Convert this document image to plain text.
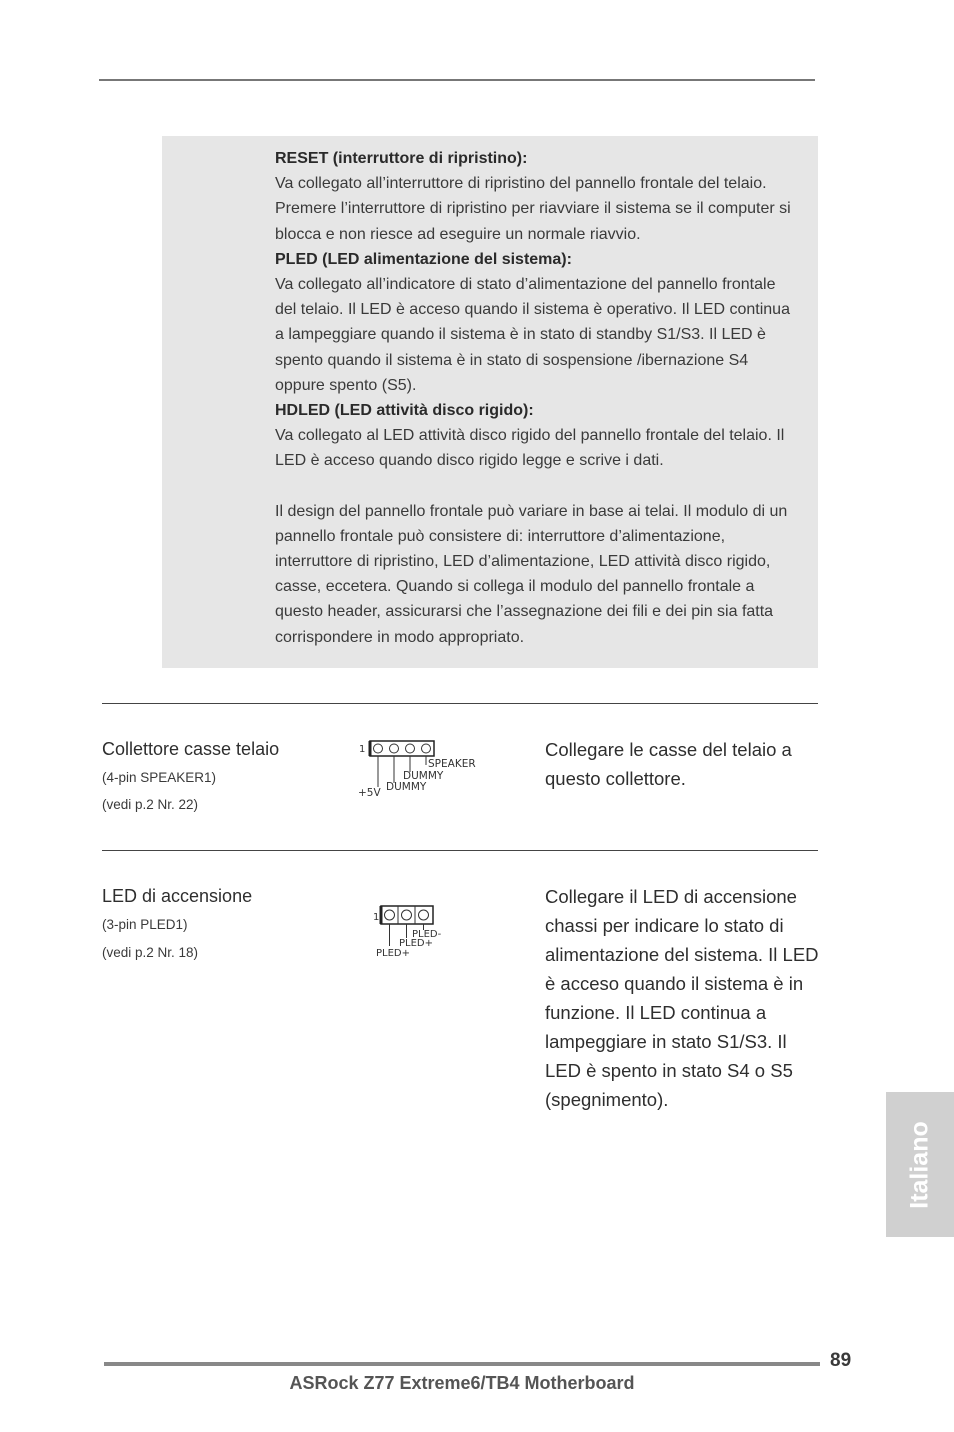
RESET (interruttore di ripristino):

Va collegato all’interruttore di ripristino del pannello frontale del telaio.

Premere l’interruttore di ripristino per riavviare il sistema se il computer si

blocca e non riesce ad eseguire un normale riavvio.

PLED (LED alimentazione del sistema):

Va collegato all’indicatore di stato d’alimentazione del pannello frontale

del telaio. Il LED è acceso quando il sistema è operativo. Il LED continua

a lampeggiare quando il sistema è in stato di standby S1/S3. Il LED è

spento quando il sistema è in stato di sospensione /ibernazione S4

oppure spento (S5).

HDLED (LED attività disco rigido):

Va collegato al LED attività disco rigido del pannello frontale del telaio. Il

LED è acceso quando disco rigido legge e scrive i dati.

Il design del pannello frontale può variare in base ai telai. Il modulo di un

pannello frontale può consistere di: interruttore d’alimentazione,

interruttore di ripristino, LED d’alimentazione, LED attività disco rigido,

casse, eccetera. Quando si collega il modulo del pannello frontale a

questo header, assicurarsi che l’assegnazione dei fili e dei pin sia fatta

corrispondere in modo appropriato.

Collettore casse telaio
(4-pin SPEAKER1)
(vedi p.2 Nr. 22)
1
SPEAKER
DUMMY
DUMMY
+5V
Collegare le casse del telaio a questo collettore.
LED di accensione
(3-pin PLED1)
(vedi p.2 Nr. 18)
1
PLED-
PLED+
PLED+
Collegare il LED di accensione chassi per indicare lo stato di alimentazione del sistema. Il LED è acceso quando il sistema è in funzione. Il LED continua a lampeggiare in stato S1/S3. Il LED è spento in stato S4 o S5 (spegnimento).
Italiano
89
ASRock Z77 Extreme6/TB4 Motherboard
